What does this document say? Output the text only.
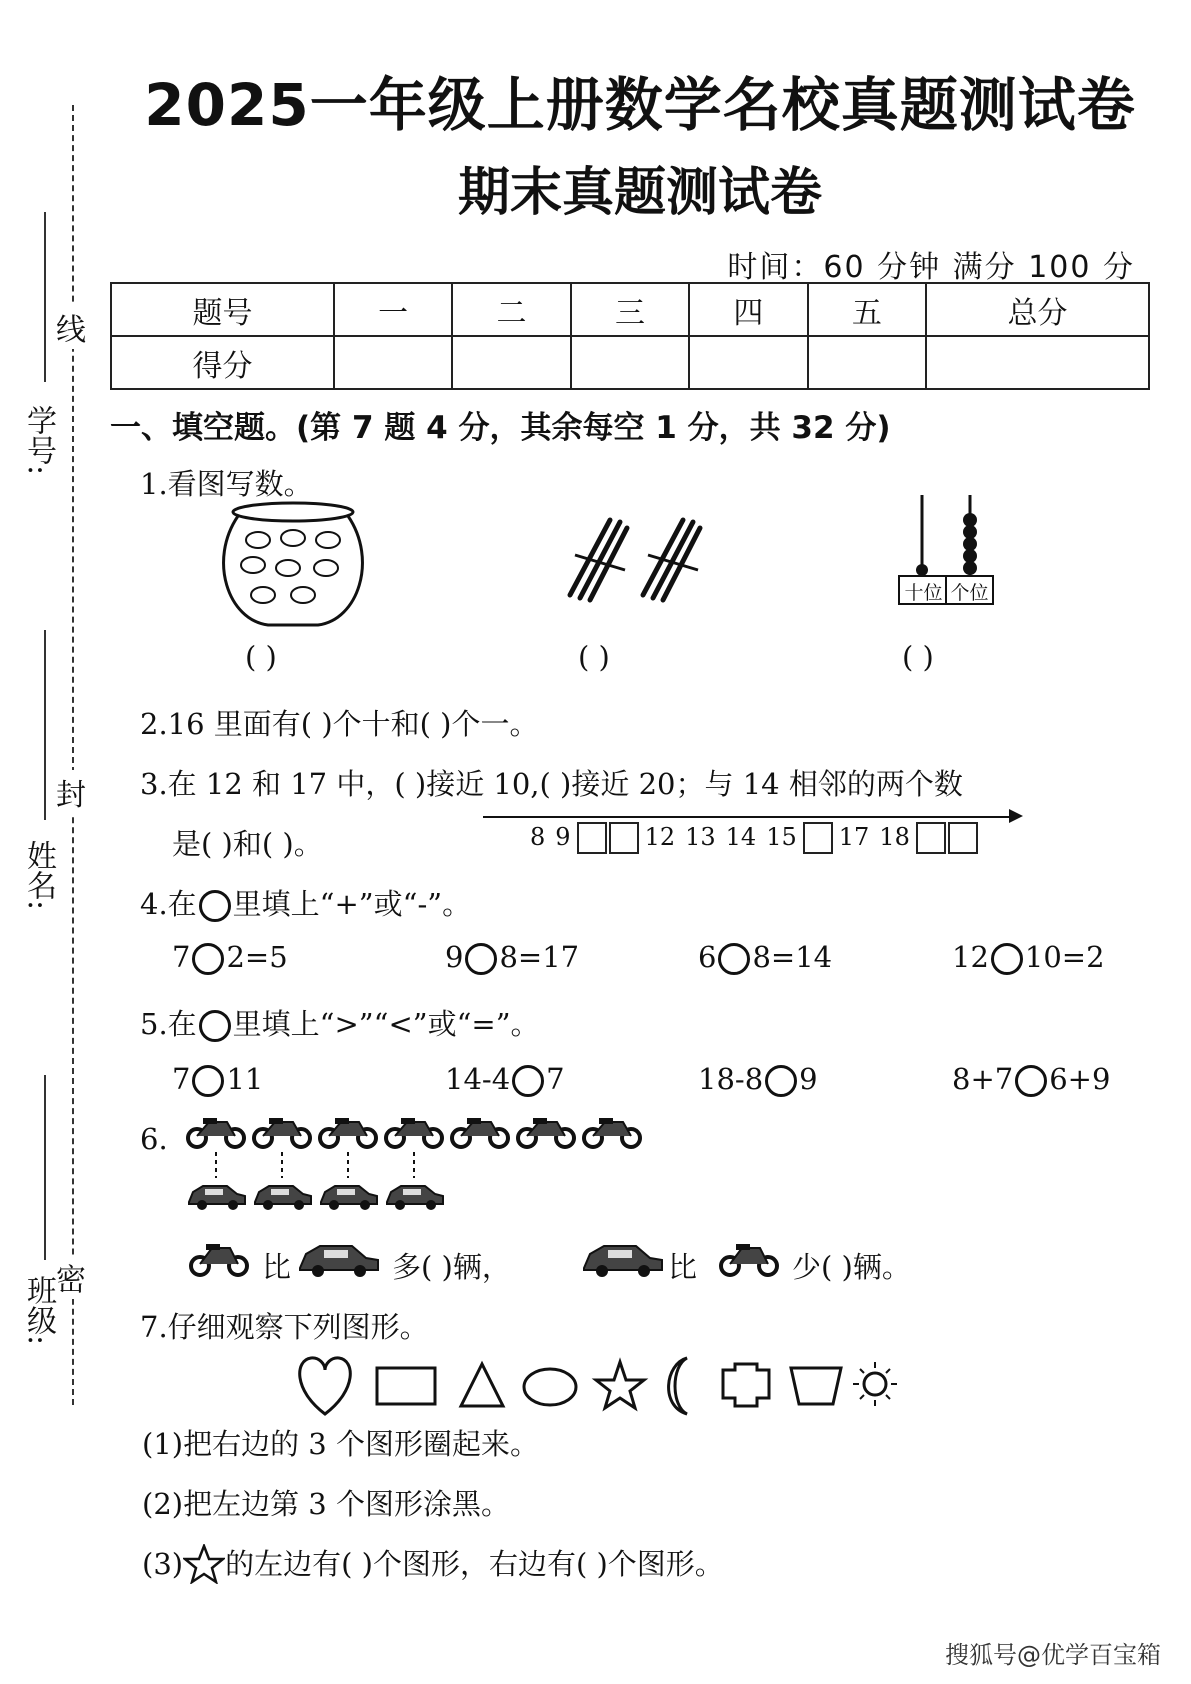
学号:
姓名:
班级:
线
封
密
2025一年级上册数学名校真题测试卷
期末真题测试卷
时间：60 分钟 满分 100 分
题号	一	二	三	四	五	总分
得分						
一、填空题。(第 7 题 4 分，其余每空 1 分，共 32 分)
1.看图写数。
十位 个位
( )	( )	( )
2.16 里面有( )个十和( )个一。
3.在 12 和 17 中，( )接近 10,( )接近 20；与 14 相邻的两个数
是( )和( )。	8 9	12 13 14 15 17 18
4.在 里填上“+”或“-”。
7 2=5	9 8=17	6 8=14	12 10=2
5.在 里填上“>”“<”或“=”。
7 11	14-4 7	18-8 9	8+7 6+9
6.
比	多( )辆，	比	少( )辆。
7.仔细观察下列图形。
(1)把右边的 3 个图形圈起来。
(2)把左边第 3 个图形涂黑。
(3) 的左边有( )个图形，右边有( )个图形。
搜狐号@优学百宝箱
